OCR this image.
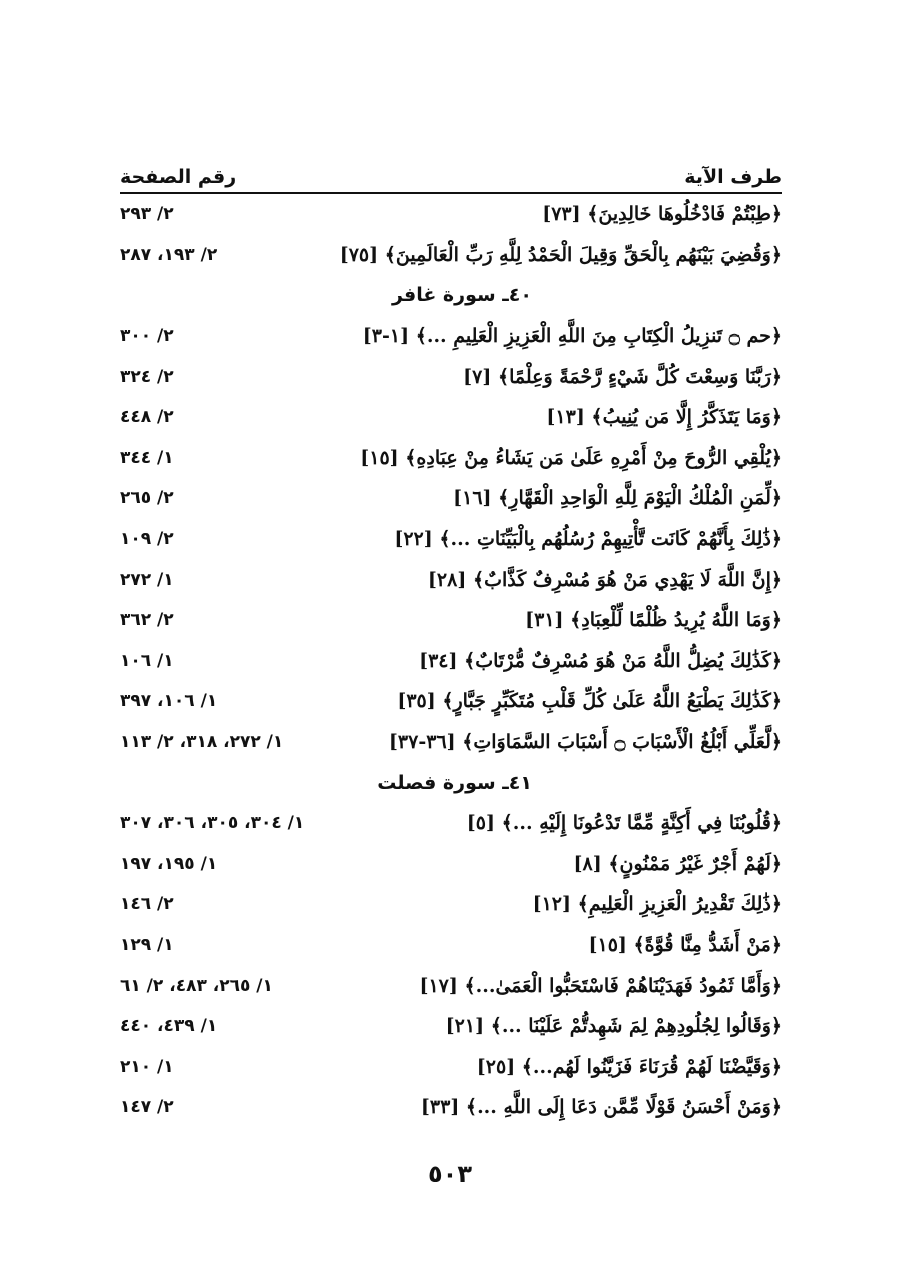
طرف الآية
رقم الصفحة
﴿طِبْتُمْ فَادْخُلُوهَا خَالِدِينَ﴾ [٧٣]
٢/ ٢٩٣
﴿وَقُضِيَ بَيْنَهُم بِالْحَقِّ وَقِيلَ الْحَمْدُ لِلَّهِ رَبِّ الْعَالَمِينَ﴾ [٧٥]
٢/ ١٩٣، ٢٨٧
٤٠ـ سورة غافر
﴿حم ۝ تَنزِيلُ الْكِتَابِ مِنَ اللَّهِ الْعَزِيزِ الْعَلِيمِ ...﴾ [١-٣]
٢/ ٣٠٠
﴿رَبَّنَا وَسِعْتَ كُلَّ شَيْءٍ رَّحْمَةً وَعِلْمًا﴾ [٧]
٢/ ٣٢٤
﴿وَمَا يَتَذَكَّرُ إِلَّا مَن يُنِيبُ﴾ [١٣]
٢/ ٤٤٨
﴿يُلْقِي الرُّوحَ مِنْ أَمْرِهِ عَلَىٰ مَن يَشَاءُ مِنْ عِبَادِهِ﴾ [١٥]
١/ ٣٤٤
﴿لِّمَنِ الْمُلْكُ الْيَوْمَ لِلَّهِ الْوَاحِدِ الْقَهَّارِ﴾ [١٦]
٢/ ٢٦٥
﴿ذَٰلِكَ بِأَنَّهُمْ كَانَت تَّأْتِيهِمْ رُسُلُهُم بِالْبَيِّنَاتِ ...﴾ [٢٢]
٢/ ١٠٩
﴿إِنَّ اللَّهَ لَا يَهْدِي مَنْ هُوَ مُسْرِفٌ كَذَّابٌ﴾ [٢٨]
١/ ٢٧٢
﴿وَمَا اللَّهُ يُرِيدُ ظُلْمًا لِّلْعِبَادِ﴾ [٣١]
٢/ ٣٦٢
﴿كَذَٰلِكَ يُضِلُّ اللَّهُ مَنْ هُوَ مُسْرِفٌ مُّرْتَابٌ﴾ [٣٤]
١/ ١٠٦
﴿كَذَٰلِكَ يَطْبَعُ اللَّهُ عَلَىٰ كُلِّ قَلْبِ مُتَكَبِّرٍ جَبَّارٍ﴾ [٣٥]
١/ ١٠٦، ٣٩٧
﴿لَّعَلِّي أَبْلُغُ الْأَسْبَابَ ۝ أَسْبَابَ السَّمَاوَاتِ﴾ [٣٦-٣٧]
١/ ٢٧٢، ٣١٨، ٢/ ١١٣
٤١ـ سورة فصلت
﴿قُلُوبُنَا فِي أَكِنَّةٍ مِّمَّا تَدْعُونَا إِلَيْهِ ...﴾ [٥]
١/ ٣٠٤، ٣٠٥، ٣٠٦، ٣٠٧
﴿لَهُمْ أَجْرٌ غَيْرُ مَمْنُونٍ﴾ [٨]
١/ ١٩٥، ١٩٧
﴿ذَٰلِكَ تَقْدِيرُ الْعَزِيزِ الْعَلِيمِ﴾ [١٢]
٢/ ١٤٦
﴿مَنْ أَشَدُّ مِنَّا قُوَّةً﴾ [١٥]
١/ ١٢٩
﴿وَأَمَّا ثَمُودُ فَهَدَيْنَاهُمْ فَاسْتَحَبُّوا الْعَمَىٰ...﴾ [١٧]
١/ ٢٦٥، ٤٨٣، ٢/ ٦١
﴿وَقَالُوا لِجُلُودِهِمْ لِمَ شَهِدتُّمْ عَلَيْنَا ...﴾ [٢١]
١/ ٤٣٩، ٤٤٠
﴿وَقَيَّضْنَا لَهُمْ قُرَنَاءَ فَزَيَّنُوا لَهُم...﴾ [٢٥]
١/ ٢١٠
﴿وَمَنْ أَحْسَنُ قَوْلًا مِّمَّن دَعَا إِلَى اللَّهِ ...﴾ [٣٣]
٢/ ١٤٧
٥٠٣
